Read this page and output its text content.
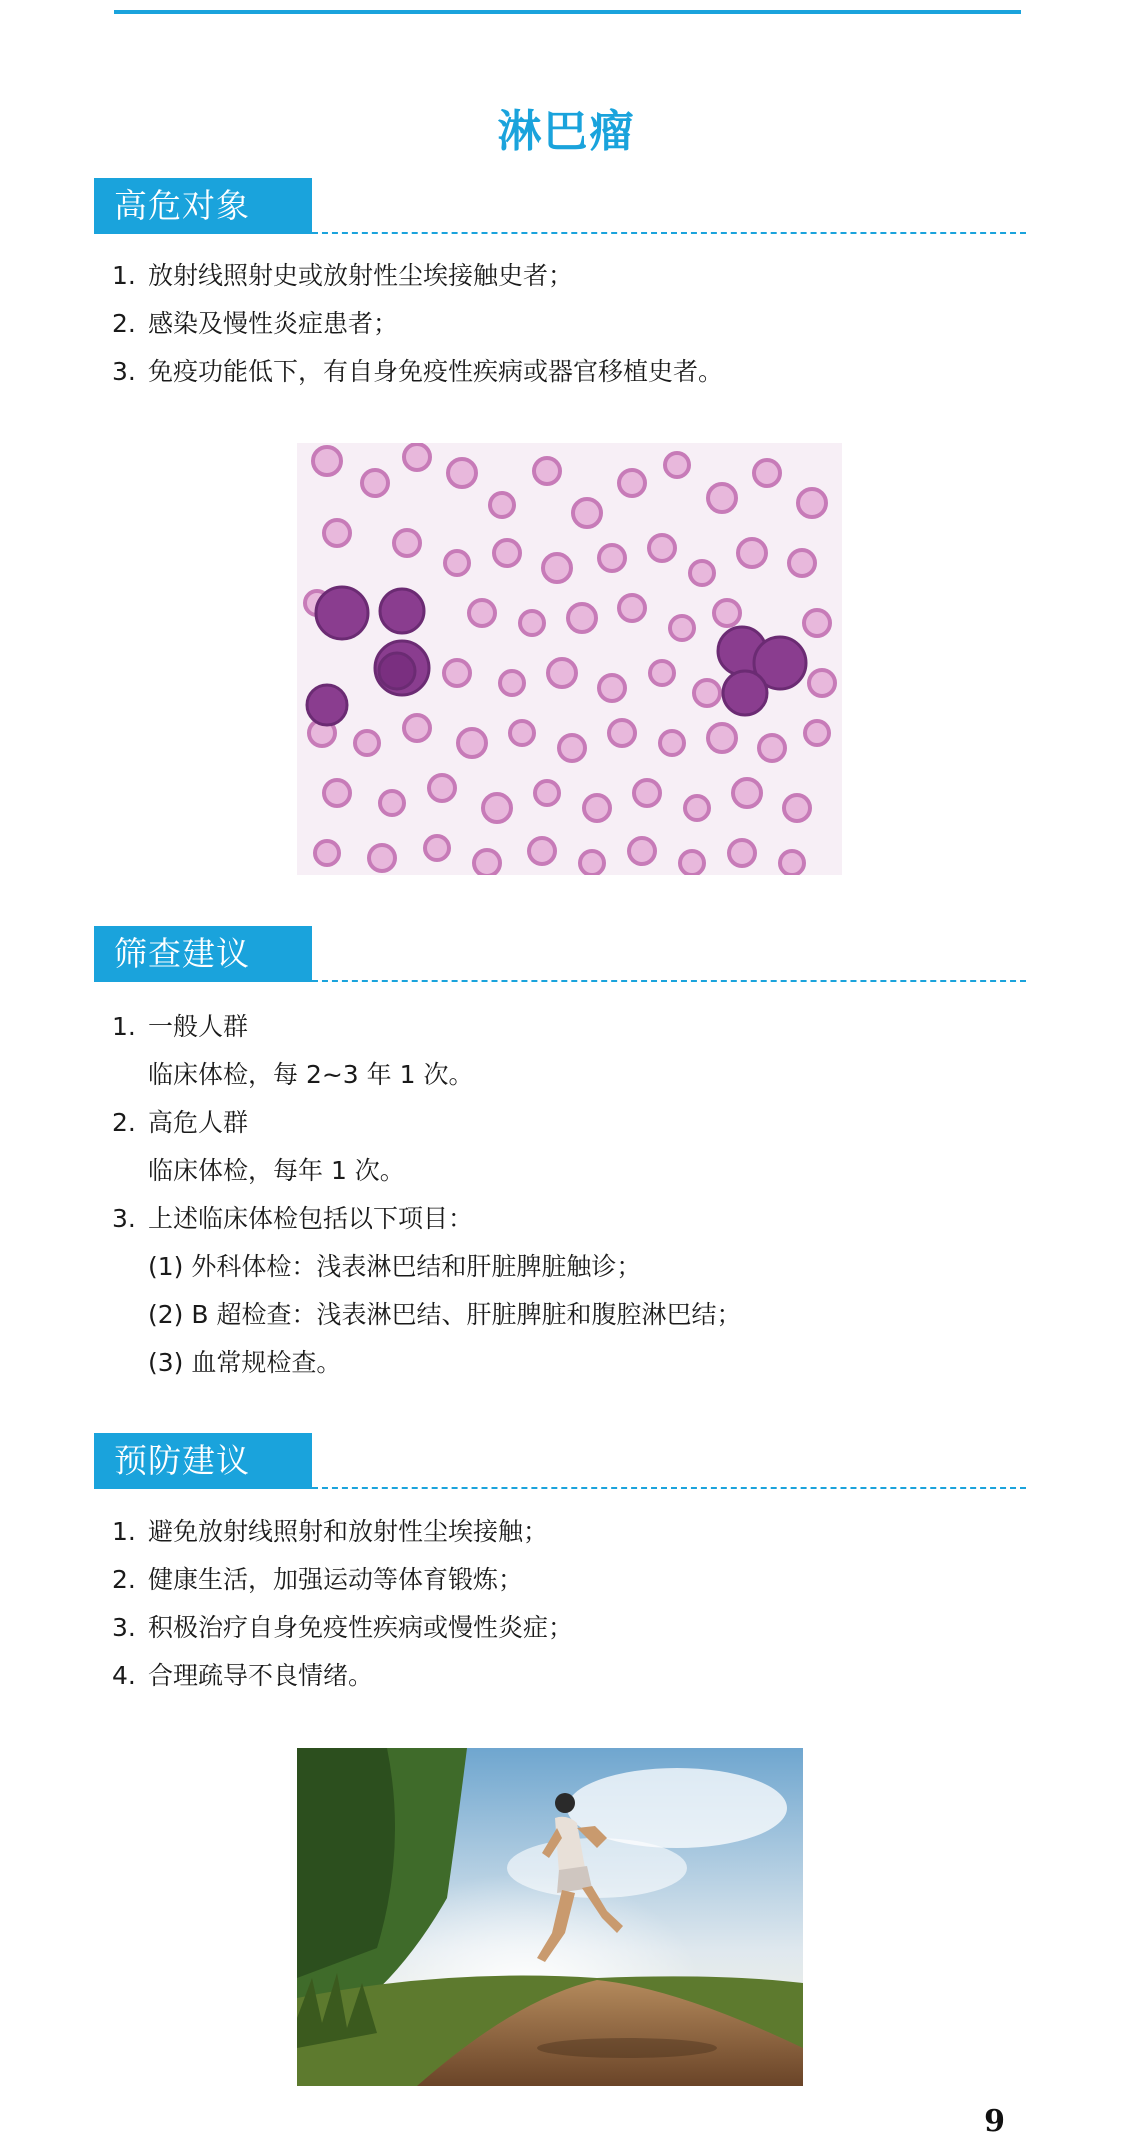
淋巴瘤
高危对象
1. 放射线照射史或放射性尘埃接触史者；
2. 感染及慢性炎症患者；
3. 免疫功能低下，有自身免疫性疾病或器官移植史者。
筛查建议
1. 一般人群
临床体检，每 2~3 年 1 次。
2. 高危人群
临床体检，每年 1 次。
3. 上述临床体检包括以下项目：
(1) 外科体检：浅表淋巴结和肝脏脾脏触诊；
(2) B 超检查：浅表淋巴结、肝脏脾脏和腹腔淋巴结；
(3) 血常规检查。
预防建议
1. 避免放射线照射和放射性尘埃接触；
2. 健康生活，加强运动等体育锻炼；
3. 积极治疗自身免疫性疾病或慢性炎症；
4. 合理疏导不良情绪。
9
